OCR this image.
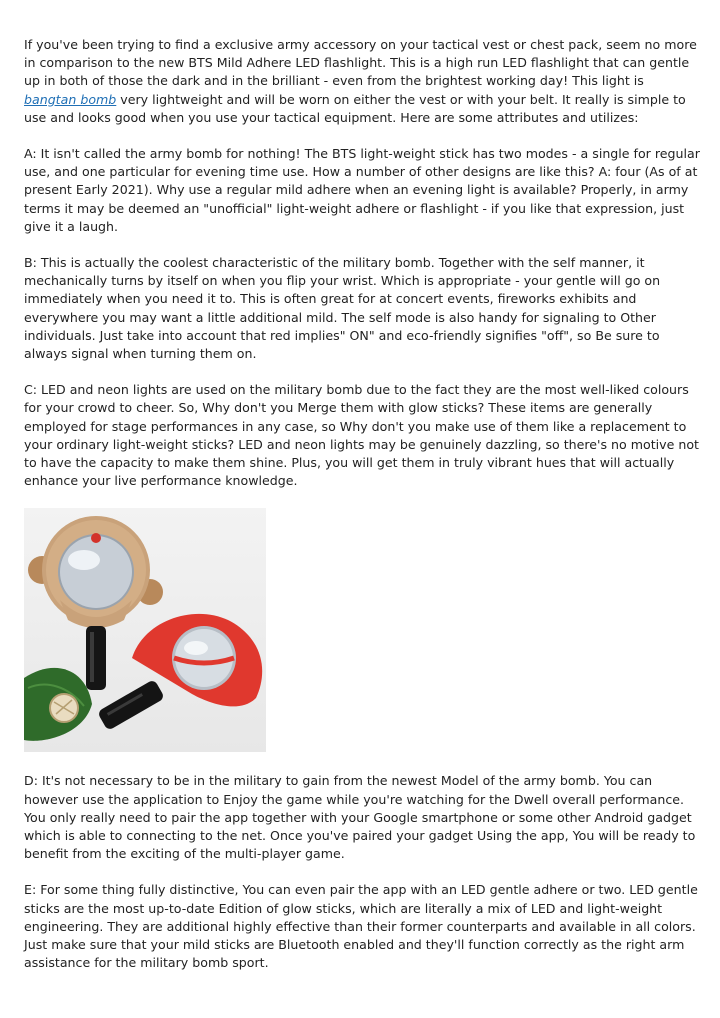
If you've been trying to find a exclusive army accessory on your tactical vest or chest pack, seem no more in comparison to the new BTS Mild Adhere LED flashlight. This is a high run LED flashlight that can gentle up in both of those the dark and in the brilliant - even from the brightest working day! This light is bangtan bomb very lightweight and will be worn on either the vest or with your belt. It really is simple to use and looks good when you use your tactical equipment. Here are some attributes and utilizes:

A: It isn't called the army bomb for nothing! The BTS light-weight stick has two modes - a single for regular use, and one particular for evening time use. How a number of other designs are like this? A: four (As of at present Early 2021). Why use a regular mild adhere when an evening light is available? Properly, in army terms it may be deemed an "unofficial" light-weight adhere or flashlight - if you like that expression, just give it a laugh.

B: This is actually the coolest characteristic of the military bomb. Together with the self manner, it mechanically turns by itself on when you flip your wrist. Which is appropriate - your gentle will go on immediately when you need it to. This is often great for at concert events, fireworks exhibits and everywhere you may want a little additional mild. The self mode is also handy for signaling to Other individuals. Just take into account that red implies" ON" and eco-friendly signifies "off", so Be sure to always signal when turning them on.

C: LED and neon lights are used on the military bomb due to the fact they are the most well-liked colours for your crowd to cheer. So, Why don't you Merge them with glow sticks? These items are generally employed for stage performances in any case, so Why don't you make use of them like a replacement to your ordinary light-weight sticks? LED and neon lights may be genuinely dazzling, so there's no motive not to have the capacity to make them shine. Plus, you will get them in truly vibrant hues that will actually enhance your live performance knowledge.

D: It's not necessary to be in the military to gain from the newest Model of the army bomb. You can however use the application to Enjoy the game while you're watching for the Dwell overall performance. You only really need to pair the app together with your Google smartphone or some other Android gadget which is able to connecting to the net. Once you've paired your gadget Using the app, You will be ready to benefit from the exciting of the multi-player game.

E: For some thing fully distinctive, You can even pair the app with an LED gentle adhere or two. LED gentle sticks are the most up-to-date Edition of glow sticks, which are literally a mix of LED and light-weight engineering. They are additional highly effective than their former counterparts and available in all colors. Just make sure that your mild sticks are Bluetooth enabled and they'll function correctly as the right arm assistance for the military bomb sport.
